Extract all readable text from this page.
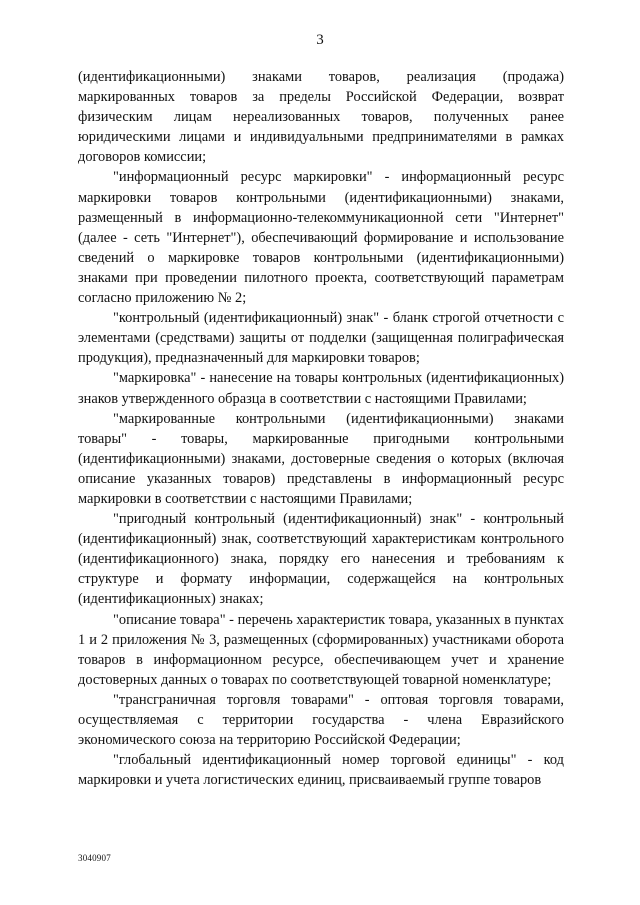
3

(идентификационными) знаками товаров, реализация (продажа) маркированных товаров за пределы Российской Федерации, возврат физическим лицам нереализованных товаров, полученных ранее юридическими лицами и индивидуальными предпринимателями в рамках договоров комиссии;

"информационный ресурс маркировки" - информационный ресурс маркировки товаров контрольными (идентификационными) знаками, размещенный в информационно-телекоммуникационной сети "Интернет" (далее - сеть "Интернет"), обеспечивающий формирование и использование сведений о маркировке товаров контрольными (идентификационными) знаками при проведении пилотного проекта, соответствующий параметрам согласно приложению № 2;

"контрольный (идентификационный) знак" - бланк строгой отчетности с элементами (средствами) защиты от подделки (защищенная полиграфическая продукция), предназначенный для маркировки товаров;

"маркировка" - нанесение на товары контрольных (идентификационных) знаков утвержденного образца в соответствии с настоящими Правилами;

"маркированные контрольными (идентификационными) знаками товары" - товары, маркированные пригодными контрольными (идентификационными) знаками, достоверные сведения о которых (включая описание указанных товаров) представлены в информационный ресурс маркировки в соответствии с настоящими Правилами;

"пригодный контрольный (идентификационный) знак" - контрольный (идентификационный) знак, соответствующий характеристикам контрольного (идентификационного) знака, порядку его нанесения и требованиям к структуре и формату информации, содержащейся на контрольных (идентификационных) знаках;

"описание товара" - перечень характеристик товара, указанных в пунктах 1 и 2 приложения № 3, размещенных (сформированных) участниками оборота товаров в информационном ресурсе, обеспечивающем учет и хранение достоверных данных о товарах по соответствующей товарной номенклатуре;

"трансграничная торговля товарами" - оптовая торговля товарами, осуществляемая с территории государства - члена Евразийского экономического союза на территорию Российской Федерации;

"глобальный идентификационный номер торговой единицы" - код маркировки и учета логистических единиц, присваиваемый группе товаров

3040907
